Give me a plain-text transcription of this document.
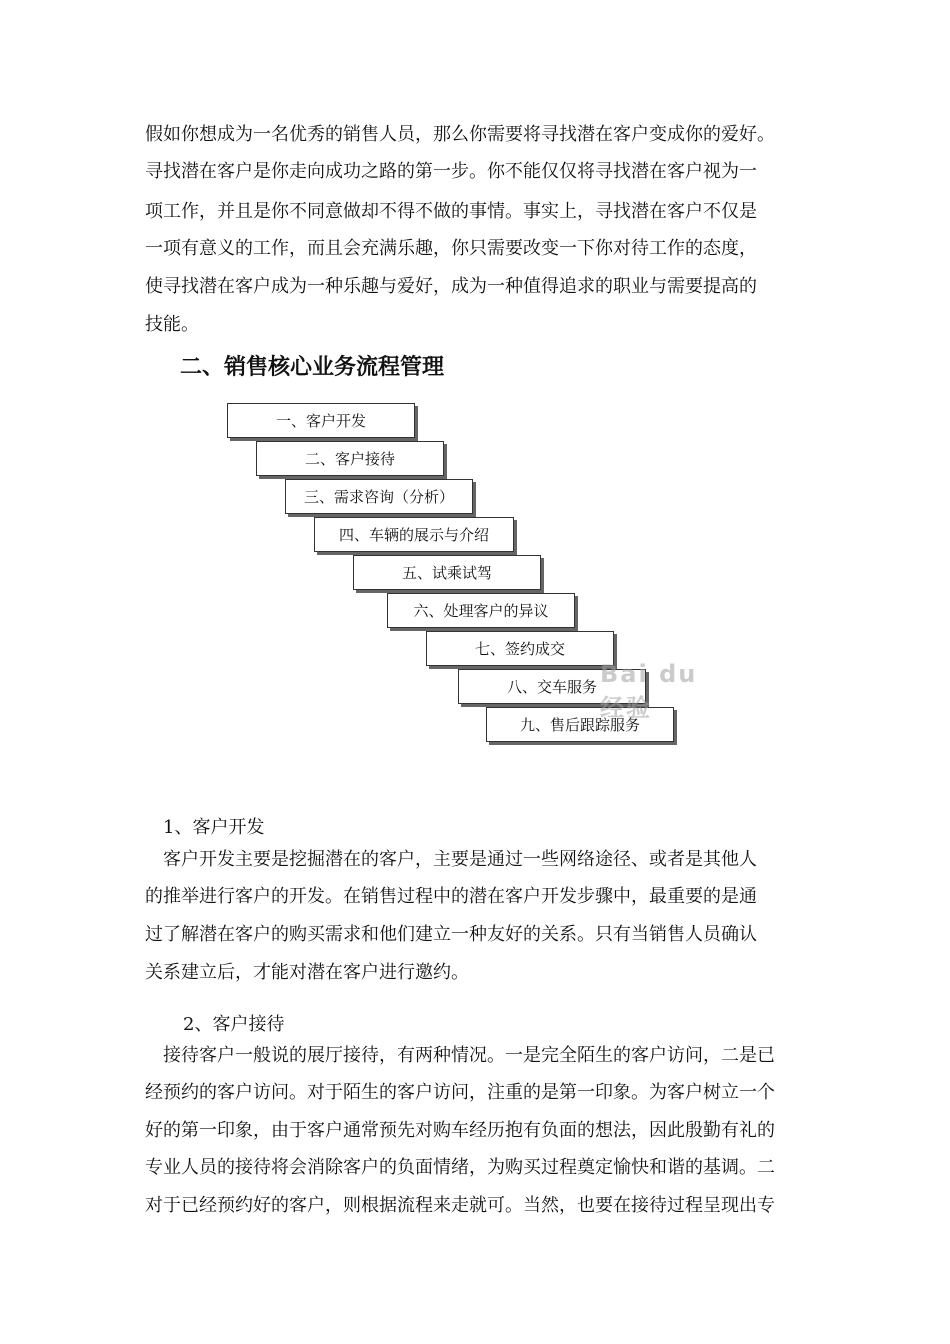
假如你想成为一名优秀的销售人员，那么你需要将寻找潜在客户变成你的爱好。
寻找潜在客户是你走向成功之路的第一步。你不能仅仅将寻找潜在客户视为一
项工作，并且是你不同意做却不得不做的事情。事实上，寻找潜在客户不仅是
一项有意义的工作，而且会充满乐趣，你只需要改变一下你对待工作的态度，
使寻找潜在客户成为一种乐趣与爱好，成为一种值得追求的职业与需要提高的
技能。
二、销售核心业务流程管理
一、客户开发
二、客户接待
三、需求咨询（分析）
四、车辆的展示与介绍
五、试乘试驾
六、处理客户的异议
七、签约成交
八、交车服务
九、售后跟踪服务
Bai du 经验
1、客户开发
客户开发主要是挖掘潜在的客户，主要是通过一些网络途径、或者是其他人
的推举进行客户的开发。在销售过程中的潜在客户开发步骤中，最重要的是通
过了解潜在客户的购买需求和他们建立一种友好的关系。只有当销售人员确认
关系建立后，才能对潜在客户进行邀约。
2、客户接待
接待客户一般说的展厅接待，有两种情况。一是完全陌生的客户访问，二是已
经预约的客户访问。对于陌生的客户访问，注重的是第一印象。为客户树立一个
好的第一印象，由于客户通常预先对购车经历抱有负面的想法，因此殷勤有礼的
专业人员的接待将会消除客户的负面情绪，为购买过程奠定愉快和谐的基调。二
对于已经预约好的客户，则根据流程来走就可。当然，也要在接待过程呈现出专
